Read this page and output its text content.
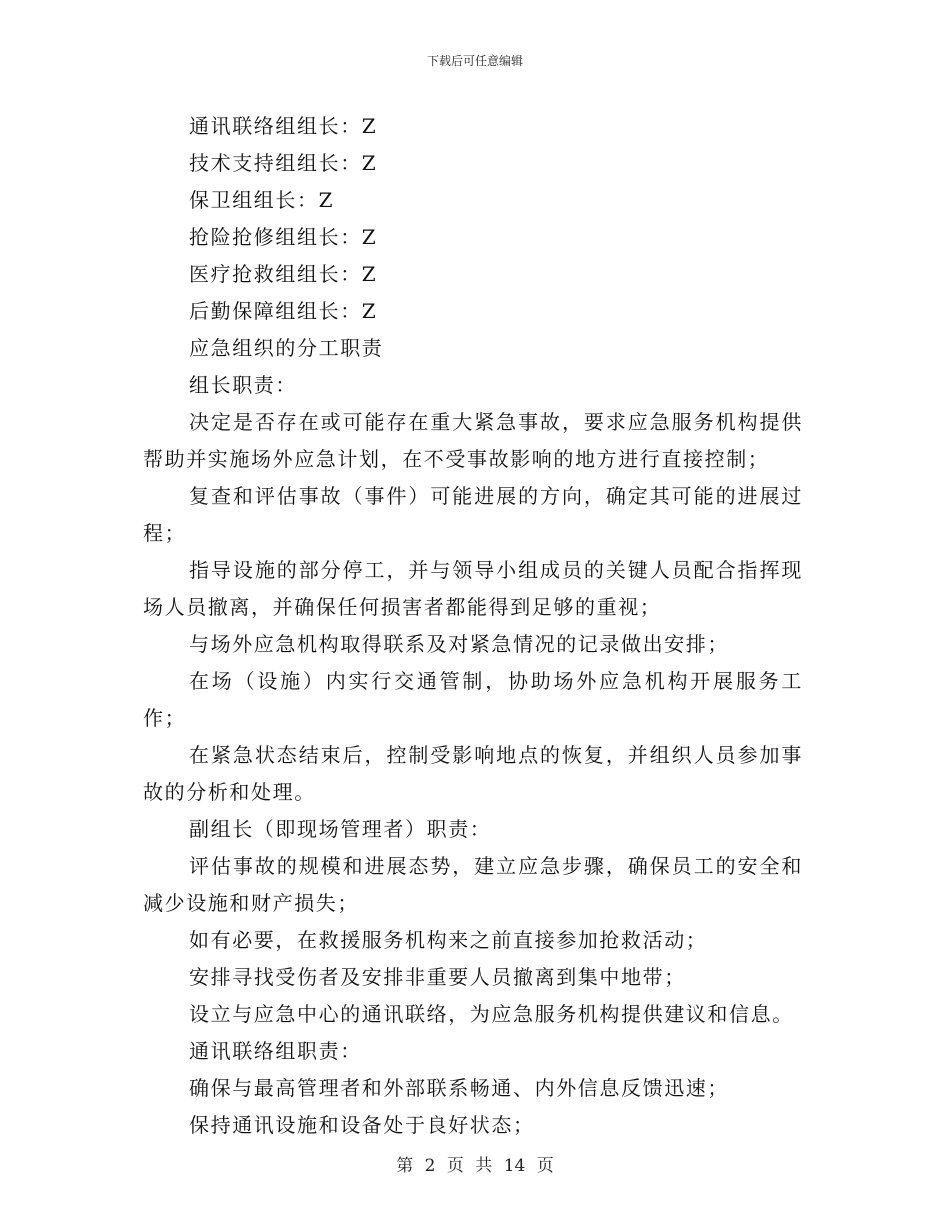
下载后可任意编辑

通讯联络组组长：Z

技术支持组组长：Z

保卫组组长：Z

抢险抢修组组长：Z

医疗抢救组组长：Z

后勤保障组组长：Z

应急组织的分工职责

组长职责：

决定是否存在或可能存在重大紧急事故，要求应急服务机构提供帮助并实施场外应急计划，在不受事故影响的地方进行直接控制；

复查和评估事故（事件）可能进展的方向，确定其可能的进展过程；

指导设施的部分停工，并与领导小组成员的关键人员配合指挥现场人员撤离，并确保任何损害者都能得到足够的重视；

与场外应急机构取得联系及对紧急情况的记录做出安排；

在场（设施）内实行交通管制，协助场外应急机构开展服务工作；

在紧急状态结束后，控制受影响地点的恢复，并组织人员参加事故的分析和处理。

副组长（即现场管理者）职责：

评估事故的规模和进展态势，建立应急步骤，确保员工的安全和减少设施和财产损失；

如有必要，在救援服务机构来之前直接参加抢救活动；

安排寻找受伤者及安排非重要人员撤离到集中地带；

设立与应急中心的通讯联络，为应急服务机构提供建议和信息。

通讯联络组职责：

确保与最高管理者和外部联系畅通、内外信息反馈迅速；

保持通讯设施和设备处于良好状态；

第 2 页 共 14 页
